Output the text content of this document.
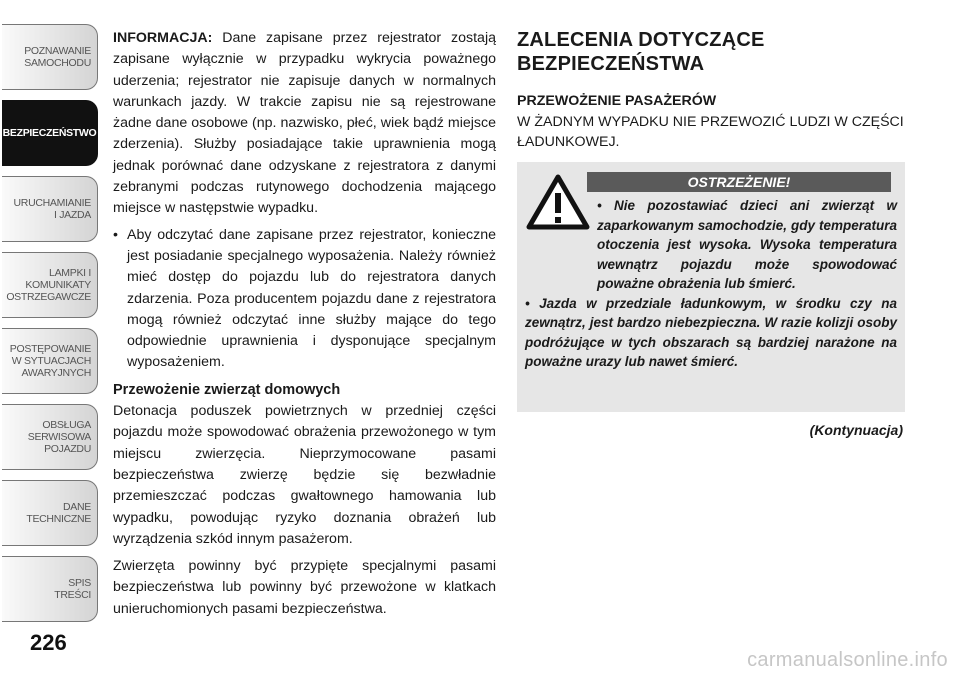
POZNAWANIE
SAMOCHODU
BEZPIECZEŃSTWO
URUCHAMIANIE
I JAZDA
LAMPKI I
KOMUNIKATY
OSTRZEGAWCZE
POSTĘPOWANIE
W SYTUACJACH
AWARYJNYCH
OBSŁUGA
SERWISOWA
POJAZDU
DANE
TECHNICZNE
SPIS
TREŚCI
226

INFORMACJA: Dane zapisane przez rejestrator zostają zapisane wyłącznie w przypadku wykrycia poważnego uderzenia; rejestrator nie zapisuje danych w normalnych warunkach jazdy. W trakcie zapisu nie są rejestrowane żadne dane osobowe (np. nazwisko, płeć, wiek bądź miejsce zderzenia). Służby posiadające takie uprawnienia mogą jednak porównać dane odzyskane z rejestratora z danymi zebranymi podczas rutynowego dochodzenia mającego miejsce w następstwie wypadku.

• Aby odczytać dane zapisane przez rejestrator, konieczne jest posiadanie specjalnego wyposażenia. Należy również mieć dostęp do pojazdu lub do rejestratora danych zdarzenia. Poza producentem pojazdu dane z rejestratora mogą również odczytać inne służby mające do tego odpowiednie uprawnienia i dysponujące specjalnym wyposażeniem.
Przewożenie zwierząt domowych

Detonacja poduszek powietrznych w przedniej części pojazdu może spowodować obrażenia przewożonego w tym miejscu zwierzęcia. Nieprzymocowane pasami bezpieczeństwa zwierzę będzie się bezwładnie przemieszczać podczas gwałtownego hamowania lub wypadku, powodując ryzyko doznania obrażeń lub wyrządzenia szkód innym pasażerom.

Zwierzęta powinny być przypięte specjalnymi pasami bezpieczeństwa lub powinny być przewożone w klatkach unieruchomionych pasami bezpieczeństwa.

ZALECENIA DOTYCZĄCE
BEZPIECZEŃSTWA
PRZEWOŻENIE PASAŻERÓW
W ŻADNYM WYPADKU NIE PRZEWOZIĆ LUDZI W CZĘŚCI ŁADUNKOWEJ.
OSTRZEŻENIE!

• Nie pozostawiać dzieci ani zwierząt w zaparkowanym samochodzie, gdy temperatura otoczenia jest wysoka. Wysoka temperatura wewnątrz pojazdu może spowodować poważne obrażenia lub śmierć.

• Jazda w przedziale ładunkowym, w środku czy na zewnątrz, jest bardzo niebezpieczna. W razie kolizji osoby podróżujące w tych obszarach są bardziej narażone na poważne urazy lub nawet śmierć.

(Kontynuacja)
carmanualsonline.info
